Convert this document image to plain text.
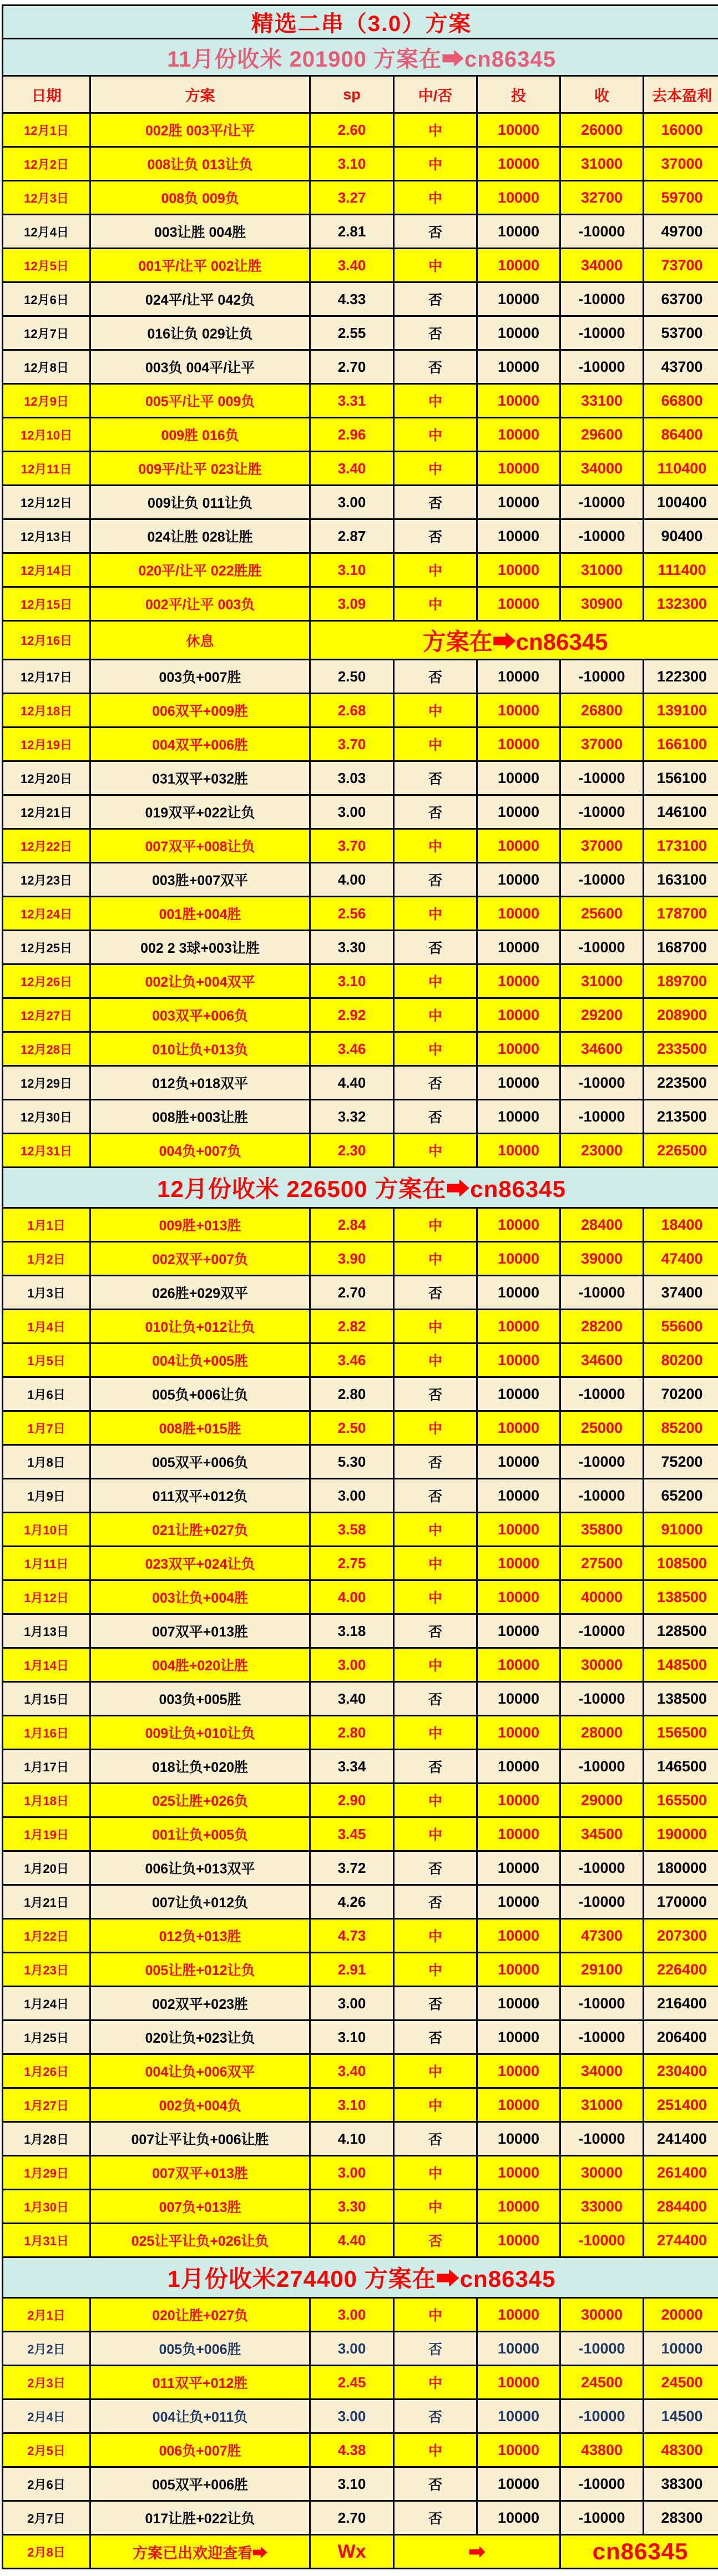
精选二串（3.0）方案						
11月份收米 201900 方案在➡cn86345						
日期	方案	sp	中/否	投	收	去本盈利
12月1日	002胜 003平/让平	2.60	中	10000	26000	16000
12月2日	008让负 013让负	3.10	中	10000	31000	37000
12月3日	008负 009负	3.27	中	10000	32700	59700
12月4日	003让胜 004胜	2.81	否	10000	-10000	49700
12月5日	001平/让平 002让胜	3.40	中	10000	34000	73700
12月6日	024平/让平 042负	4.33	否	10000	-10000	63700
12月7日	016让负 029让负	2.55	否	10000	-10000	53700
12月8日	003负 004平/让平	2.70	否	10000	-10000	43700
12月9日	005平/让平 009负	3.31	中	10000	33100	66800
12月10日	009胜 016负	2.96	中	10000	29600	86400
12月11日	009平/让平 023让胜	3.40	中	10000	34000	110400
12月12日	009让负 011让负	3.00	否	10000	-10000	100400
12月13日	024让胜 028让胜	2.87	否	10000	-10000	90400
12月14日	020平/让平 022胜胜	3.10	中	10000	31000	111400
12月15日	002平/让平 003负	3.09	中	10000	30900	132300
12月16日	休息	方案在➡cn86345				
12月17日	003负+007胜	2.50	否	10000	-10000	122300
12月18日	006双平+009胜	2.68	中	10000	26800	139100
12月19日	004双平+006胜	3.70	中	10000	37000	166100
12月20日	031双平+032胜	3.03	否	10000	-10000	156100
12月21日	019双平+022让负	3.00	否	10000	-10000	146100
12月22日	007双平+008让负	3.70	中	10000	37000	173100
12月23日	003胜+007双平	4.00	否	10000	-10000	163100
12月24日	001胜+004胜	2.56	中	10000	25600	178700
12月25日	002 2 3球+003让胜	3.30	否	10000	-10000	168700
12月26日	002让负+004双平	3.10	中	10000	31000	189700
12月27日	003双平+006负	2.92	中	10000	29200	208900
12月28日	010让负+013负	3.46	中	10000	34600	233500
12月29日	012负+018双平	4.40	否	10000	-10000	223500
12月30日	008胜+003让胜	3.32	否	10000	-10000	213500
12月31日	004负+007负	2.30	中	10000	23000	226500
12月份收米 226500 方案在➡cn86345						
1月1日	009胜+013胜	2.84	中	10000	28400	18400
1月2日	002双平+007负	3.90	中	10000	39000	47400
1月3日	026胜+029双平	2.70	否	10000	-10000	37400
1月4日	010让负+012让负	2.82	中	10000	28200	55600
1月5日	004让负+005胜	3.46	中	10000	34600	80200
1月6日	005负+006让负	2.80	否	10000	-10000	70200
1月7日	008胜+015胜	2.50	中	10000	25000	85200
1月8日	005双平+006负	5.30	否	10000	-10000	75200
1月9日	011双平+012负	3.00	否	10000	-10000	65200
1月10日	021让胜+027负	3.58	中	10000	35800	91000
1月11日	023双平+024让负	2.75	中	10000	27500	108500
1月12日	003让负+004胜	4.00	中	10000	40000	138500
1月13日	007双平+013胜	3.18	否	10000	-10000	128500
1月14日	004胜+020让胜	3.00	中	10000	30000	148500
1月15日	003负+005胜	3.40	否	10000	-10000	138500
1月16日	009让负+010让负	2.80	中	10000	28000	156500
1月17日	018让负+020胜	3.34	否	10000	-10000	146500
1月18日	025让胜+026负	2.90	中	10000	29000	165500
1月19日	001让负+005负	3.45	中	10000	34500	190000
1月20日	006让负+013双平	3.72	否	10000	-10000	180000
1月21日	007让负+012负	4.26	否	10000	-10000	170000
1月22日	012负+013胜	4.73	中	10000	47300	207300
1月23日	005让胜+012让负	2.91	中	10000	29100	226400
1月24日	002双平+023胜	3.00	否	10000	-10000	216400
1月25日	020让负+023让负	3.10	否	10000	-10000	206400
1月26日	004让负+006双平	3.40	中	10000	34000	230400
1月27日	002负+004负	3.10	中	10000	31000	251400
1月28日	007让平让负+006让胜	4.10	否	10000	-10000	241400
1月29日	007双平+013胜	3.00	中	10000	30000	261400
1月30日	007负+013胜	3.30	中	10000	33000	284400
1月31日	025让平让负+026让负	4.40	否	10000	-10000	274400
1月份收米274400 方案在➡cn86345						
2月1日	020让胜+027负	3.00	中	10000	30000	20000
2月2日	005负+006胜	3.00	否	10000	-10000	10000
2月3日	011双平+012胜	2.45	中	10000	24500	24500
2月4日	004让负+011负	3.00	否	10000	-10000	14500
2月5日	006负+007胜	4.38	中	10000	43800	48300
2月6日	005双平+006胜	3.10	否	10000	-10000	38300
2月7日	017让胜+022让负	2.70	否	10000	-10000	28300
2月8日	方案已出欢迎查看➡	Wx	➡		cn86345	
